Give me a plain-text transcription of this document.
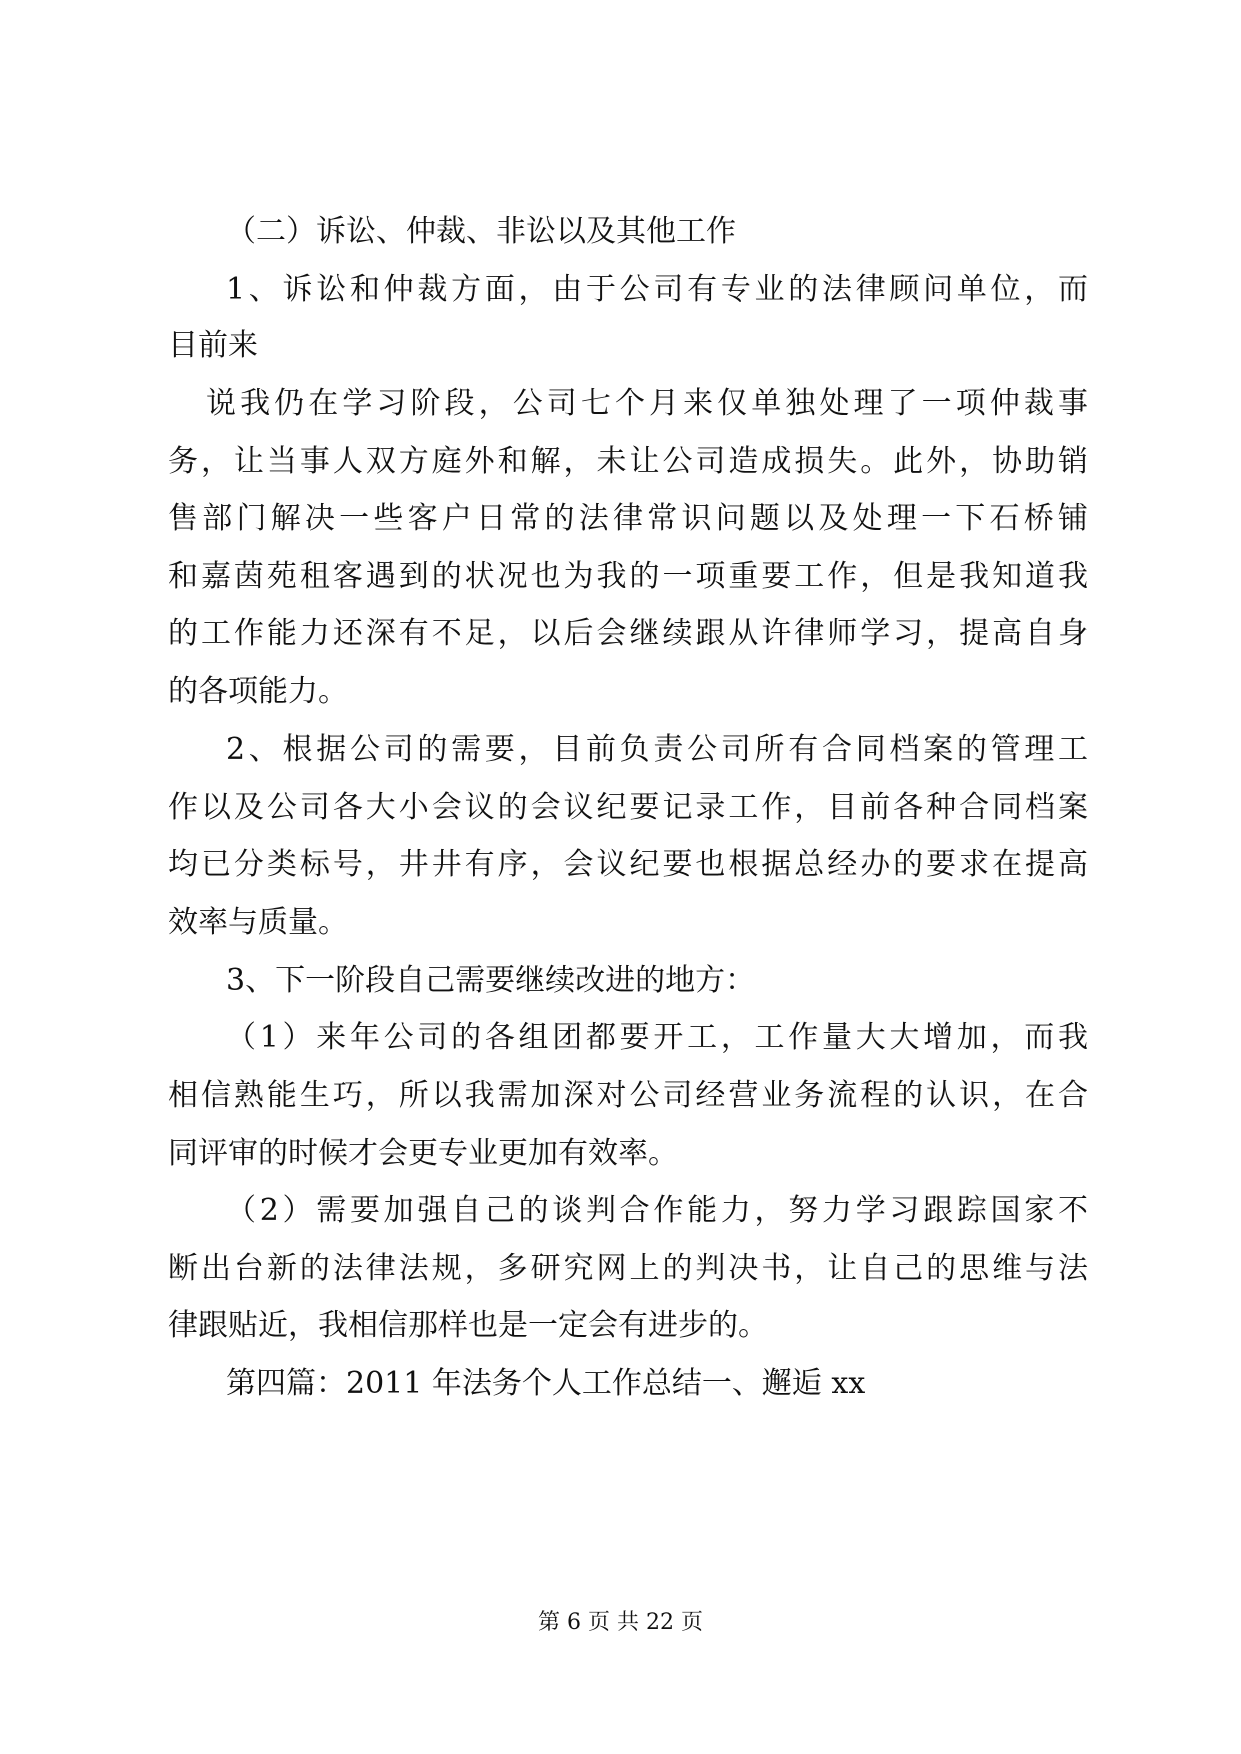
（二）诉讼、仲裁、非讼以及其他工作
1、诉讼和仲裁方面，由于公司有专业的法律顾问单位，而
目前来
说我仍在学习阶段，公司七个月来仅单独处理了一项仲裁事
务，让当事人双方庭外和解，未让公司造成损失。此外，协助销
售部门解决一些客户日常的法律常识问题以及处理一下石桥铺
和嘉茵苑租客遇到的状况也为我的一项重要工作，但是我知道我
的工作能力还深有不足，以后会继续跟从许律师学习，提高自身
的各项能力。
2、根据公司的需要，目前负责公司所有合同档案的管理工
作以及公司各大小会议的会议纪要记录工作，目前各种合同档案
均已分类标号，井井有序，会议纪要也根据总经办的要求在提高
效率与质量。
3、下一阶段自己需要继续改进的地方：
（1）来年公司的各组团都要开工，工作量大大增加，而我
相信熟能生巧，所以我需加深对公司经营业务流程的认识，在合
同评审的时候才会更专业更加有效率。
（2）需要加强自己的谈判合作能力，努力学习跟踪国家不
断出台新的法律法规，多研究网上的判决书，让自己的思维与法
律跟贴近，我相信那样也是一定会有进步的。
第四篇：2011 年法务个人工作总结一、邂逅 xx
第 6 页 共 22 页
